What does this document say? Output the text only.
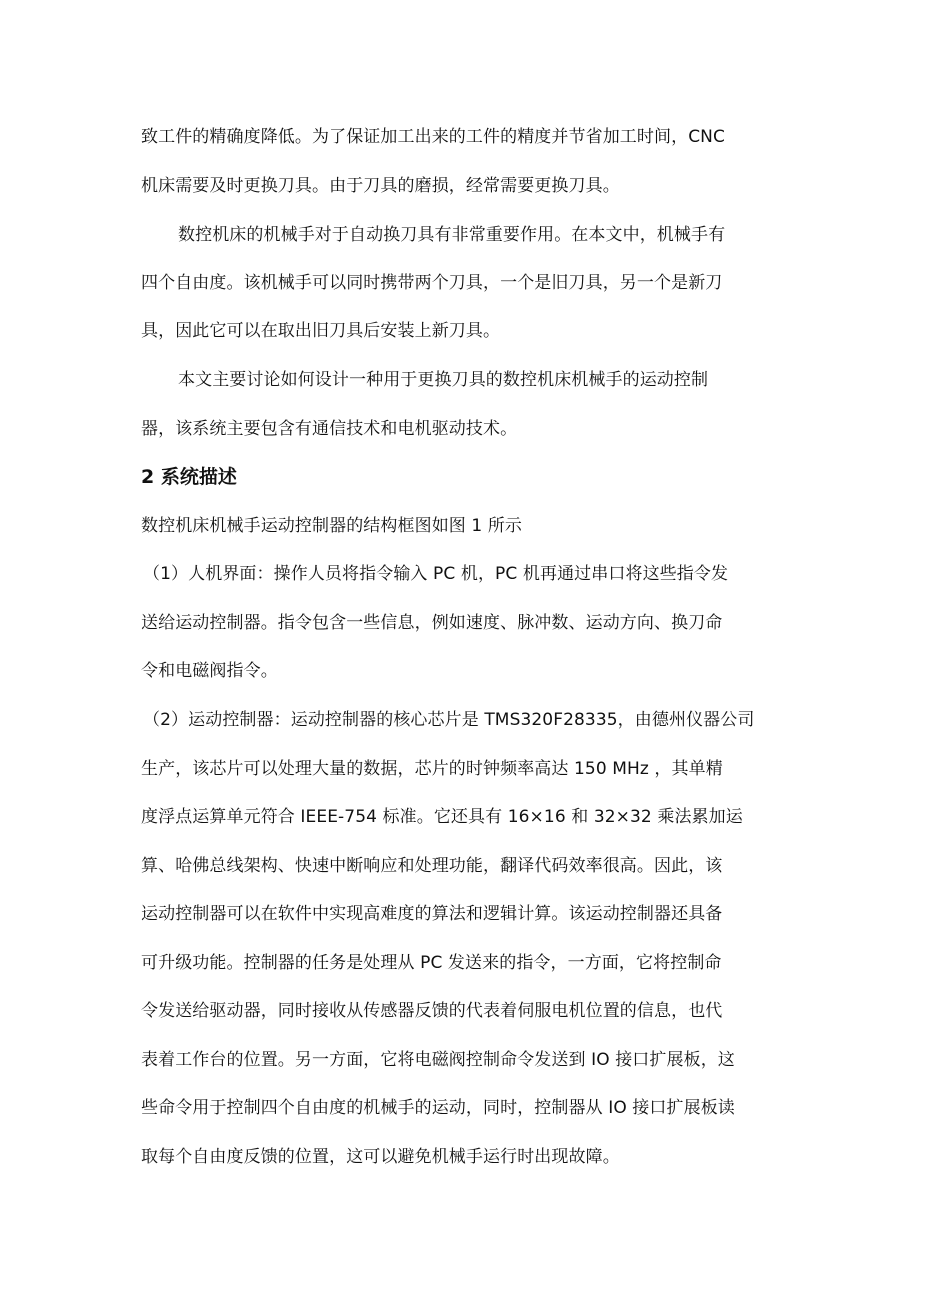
致工件的精确度降低。为了保证加工出来的工件的精度并节省加工时间，CNC
机床需要及时更换刀具。由于刀具的磨损，经常需要更换刀具。
数控机床的机械手对于自动换刀具有非常重要作用。在本文中，机械手有
四个自由度。该机械手可以同时携带两个刀具，一个是旧刀具，另一个是新刀
具，因此它可以在取出旧刀具后安装上新刀具。
本文主要讨论如何设计一种用于更换刀具的数控机床机械手的运动控制
器，该系统主要包含有通信技术和电机驱动技术。
2 系统描述
数控机床机械手运动控制器的结构框图如图 1 所示
（1）人机界面：操作人员将指令输入 PC 机，PC 机再通过串口将这些指令发
送给运动控制器。指令包含一些信息，例如速度、脉冲数、运动方向、换刀命
令和电磁阀指令。
（2）运动控制器：运动控制器的核心芯片是 TMS320F28335，由德州仪器公司
生产，该芯片可以处理大量的数据，芯片的时钟频率高达 150 MHz ，其单精
度浮点运算单元符合 IEEE-754 标准。它还具有 16×16 和 32×32 乘法累加运
算、哈佛总线架构、快速中断响应和处理功能，翻译代码效率很高。因此，该
运动控制器可以在软件中实现高难度的算法和逻辑计算。该运动控制器还具备
可升级功能。控制器的任务是处理从 PC 发送来的指令，一方面，它将控制命
令发送给驱动器，同时接收从传感器反馈的代表着伺服电机位置的信息，也代
表着工作台的位置。另一方面，它将电磁阀控制命令发送到 IO 接口扩展板，这
些命令用于控制四个自由度的机械手的运动，同时，控制器从 IO 接口扩展板读
取每个自由度反馈的位置，这可以避免机械手运行时出现故障。
